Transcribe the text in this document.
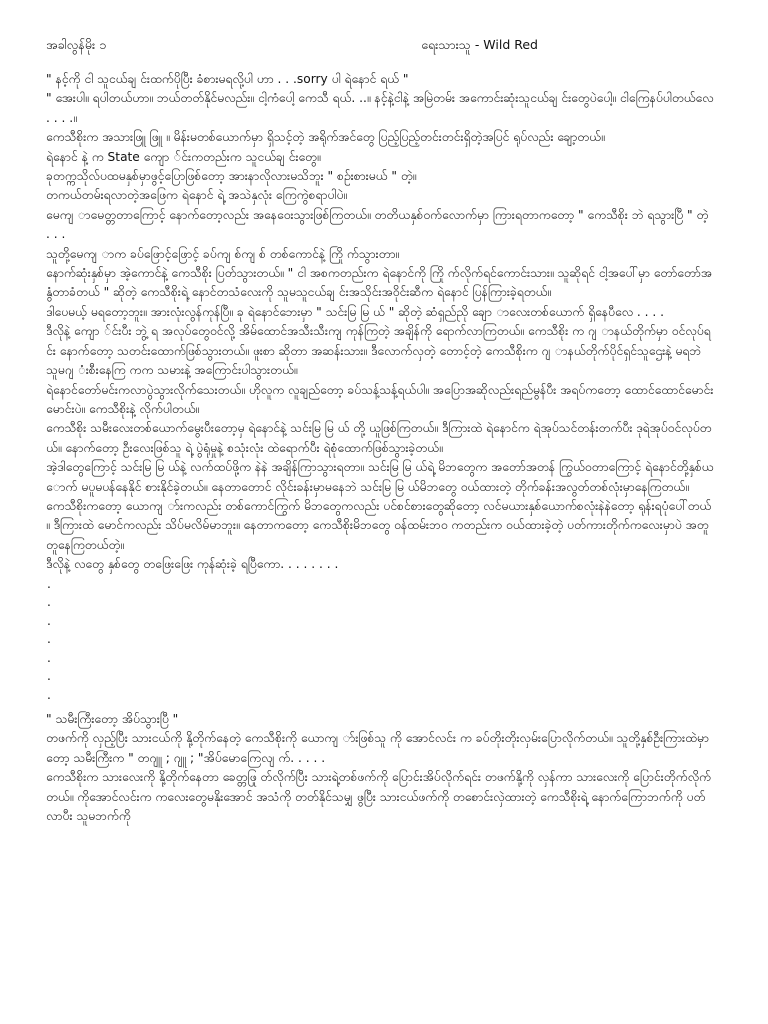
အခါလွန်မိုး ၁	ရေးသားသူ - Wild Red

" နင့်ကို ငါ သူငယ်ချ င်းထက်ပိုပြီး ခံစားမရလို့ပါ ဟာ . . .sorry ပါ ရဲနောင် ရယ် "

" အေးပါ။ ရပါတယ်ဟာ။ ဘယ်တတ်နိုင်မလည်း။ ငါ့ကံပေါ့ ကေသီ ရယ်. ..။ နင့်နဲ့ငါနဲ့ အမြဲတမ်း အကောင်းဆုံးသူငယ်ချ င်းတွေပဲပေါ့။ ငါကြေနပ်ပါတယ်လေ . . . .။

ကေသီစိုးက အသားဖြူ ဖြူ ။ မိန်းမတစ်ယောက်မှာ ရှိသင့်တဲ့ အရိုက်အင်တွေ ပြည့်ပြည့်တင်းတင်းရှိတဲ့အပြင် ရုပ်လည်း ချော့တယ်။

ရဲနောင် နဲ့ က State ကျော ်င်းကတည်းက သူငယ်ချ င်းတွေ။

ခုတက္ကသိုလ်ပထမနှစ်မှာဖွင့်ပြောဖြစ်တော့ အားနာလိုလားမသိဘူး " စဉ်းစားမယ် " တဲ့။

တကယ်တမ်းရလာတဲ့အဖြေက ရဲနောင် ရဲ့ အသဲနှလုံး ကြေကွဲစရာပါပဲ။

မေကျ ာမေတ္တတာကြောင့် နောက်တော့လည်း အနေဝေးသွားဖြစ်ကြတယ်။ တတိယနှစ်ဝက်လောက်မှာ ကြားရတာကတော့ " ကေသီစိုး ဘဲ ရသွားပြီ " တဲ့ . . .

သူတို့မေကျ ာက ခပ်ဖြောင့်ဖြောင့် ခပ်ကျ စ်ကျ စ် တစ်ကောင်နဲ့ ကြို က်သွားတာ။

နောက်ဆုံးနှစ်မှာ အဲ့ကောင်နဲ့ ကေသီစိုး ပြတ်သွားတယ်။ " ငါ အစကတည်းက ရဲနောင်ကို ကြို က်လိုက်ရင်ကောင်းသား။ သူဆိုရင် ငါ့အပေါ်မှာ တော်တော်အနွံတာခံတယ် " ဆိုတဲ့ ကေသီစိုးရဲ့ နောင်တသံလေးကို သူမသူငယ်ချ င်းအသိုင်းအဝိုင်းဆီက ရဲနောင် ပြန်ကြားခဲ့ရတယ်။

ဒါပေမယ့် မရတော့ဘူး။ အားလုံးလွန်ကုန်ပြီ။ ခု ရဲနောင်ဘေးမှာ " သင်းမြ မြ ယ် " ဆိုတဲ့ ဆံရှည်ညို ချော ာလေးတစ်ယောက် ရှိနေပီလေ . . . .

ဒီလိုနဲ့ ကျော ်င်းပီး ဘွဲ့ ရ အလုပ်တွေဝင်လို့ အိမ်ထောင်အသီးသီးကျ ကုန်ကြတဲ့ အချိန်ကို ရောက်လာကြတယ်။ ကေသီစိုး က ဂျ ာနယ်တိုက်မှာ ဝင်လုပ်ရင်း နောက်တော့ သတင်းထောက်ဖြစ်သွားတယ်။ ဖူးစာ ဆိုတာ အဆန်းသား။ ဒီလောက်လှတဲ့ တောင့်တဲ့ ကေသီစိုးက ဂျ ာနယ်တိုက်ပိုင်ရှင်သူဌေးနဲ့ မရဘဲ သူမဂျ ံးစီးနေကြ ကက သမားနဲ့ အကြောင်းပါသွားတယ်။

ရဲနောင်တော်မင်းကလာပွဲသွားလိုက်သေးတယ်။ ဟိုလူက လူချည်တော့ ခပ်သန့်သန့်ရယ်ပါ။ အပြောအဆိုလည်းရည်မွန်ပီး အရပ်ကတော့ ထောင်ထောင်မောင်းမောင်းပဲ။ ကေသီစိုးနဲ့ လိုက်ပါတယ်။

ကေသီစိုး သမီးလေးတစ်ယောက်မွေးပီးတော့မှ ရဲနောင်နဲ့ သင်းမြ မြ ယ် တို့ ယူဖြစ်ကြတယ်။ ဒီကြားထဲ ရဲနောင်က ရဲအုပ်သင်တန်းတက်ပီး ဒုရဲအုပ်ဝင်လုပ်တယ်။ နောက်တော့ ဦးလေးဖြစ်သူ ရဲ့ ပွဲရုံမှုနဲ့ စသုံးလုံး ထဲရောက်ပီး ရဲစုံထောက်ဖြစ်သွားခဲ့တယ်။

အဲ့ဒါတွေကြောင့် သင်းမြ မြ ယ်နဲ့ လက်ထပ်ဖို့က နဲနဲ အချိန်ကြာသွားရတာ။ သင်းမြ မြ ယ်ရဲ့ မိဘတွေက အတော်အတန် ကြွယ်ဝတာကြောင့် ရဲနောင်တို့နှစ်ယောက် မပူမပန်နေနိုင် စားနိုင်ခဲ့တယ်။ နေတာတောင် လိုင်းခန်းမှာမနေဘဲ သင်းမြ မြ ယ်မိဘတွေ ဝယ်ထားတဲ့ တိုက်ခန်းအလွတ်တစ်လုံးမှာနေကြတယ်။

ကေသီစိုးကတော့ ယောကျ ာ်းကလည်း တစ်ကောင်ကြွက် မိဘတွေကလည်း ပင်စင်စားတွေဆိုတော့ လင်မယားနှစ်ယောက်စလုံးနဲနဲတော့ ရုန်းရပုံပေါ်တယ်။ ဒီကြားထဲ မောင်ကလည်း သိပ်မလိမ်မာဘူး။ နေတာကတော့ ကေသီစိုးမိဘတွေ ဝန်ထမ်းဘဝ ကတည်းက ဝယ်ထားခဲ့တဲ့ ပတ်ကားတိုက်ကလေးမှာပဲ အတူတူနေကြတယ်တဲ့။

ဒီလိုနဲ့ လတွေ နှစ်တွေ တဖြေးဖြေး ကုန်ဆုံးခဲ့ ရပြီကော. . . . . . . .

.

.

.

.

.

.

.

" သမီးကြီးတော့ အိပ်သွားပြီ "

တဖက်ကို လှည့်ပြီး သားငယ်ကို နို့တိုက်နေတဲ့ ကေသီစိုးကို ယောကျ ာ်းဖြစ်သူ ကို အောင်လင်း က ခပ်တိုးတိုးလှမ်းပြောလိုက်တယ်။ သူတို့နှစ်ဦးကြားထဲမှာ တော့ သမီးကြီးက " တဂျူ ; ဂျူ ; "အိပ်မောကြေလျ က်. . . . .

ကေသီစိုးက သားလေးကို နို့တိုက်နေတာ ခေတ္တဖြု တ်လိုက်ပြီး သားရဲ့တစ်ဖက်ကို ပြောင်းအိပ်လိုက်ရင်း တဖက်နို့ကို လှန်ကာ သားလေးကို ပြောင်းတိုက်လိုက်တယ်။ ကိုအောင်လင်းက ကလေးတွေမနိုးအောင် အသံကို တတ်နိုင်သမျှ ဖွပြီး သားငယ်ဖက်ကို တစောင်းလှဲထားတဲ့ ကေသီစိုးရဲ့ နောက်ကြောဘက်ကို ပတ်လာပီး သူမဘက်ကို
